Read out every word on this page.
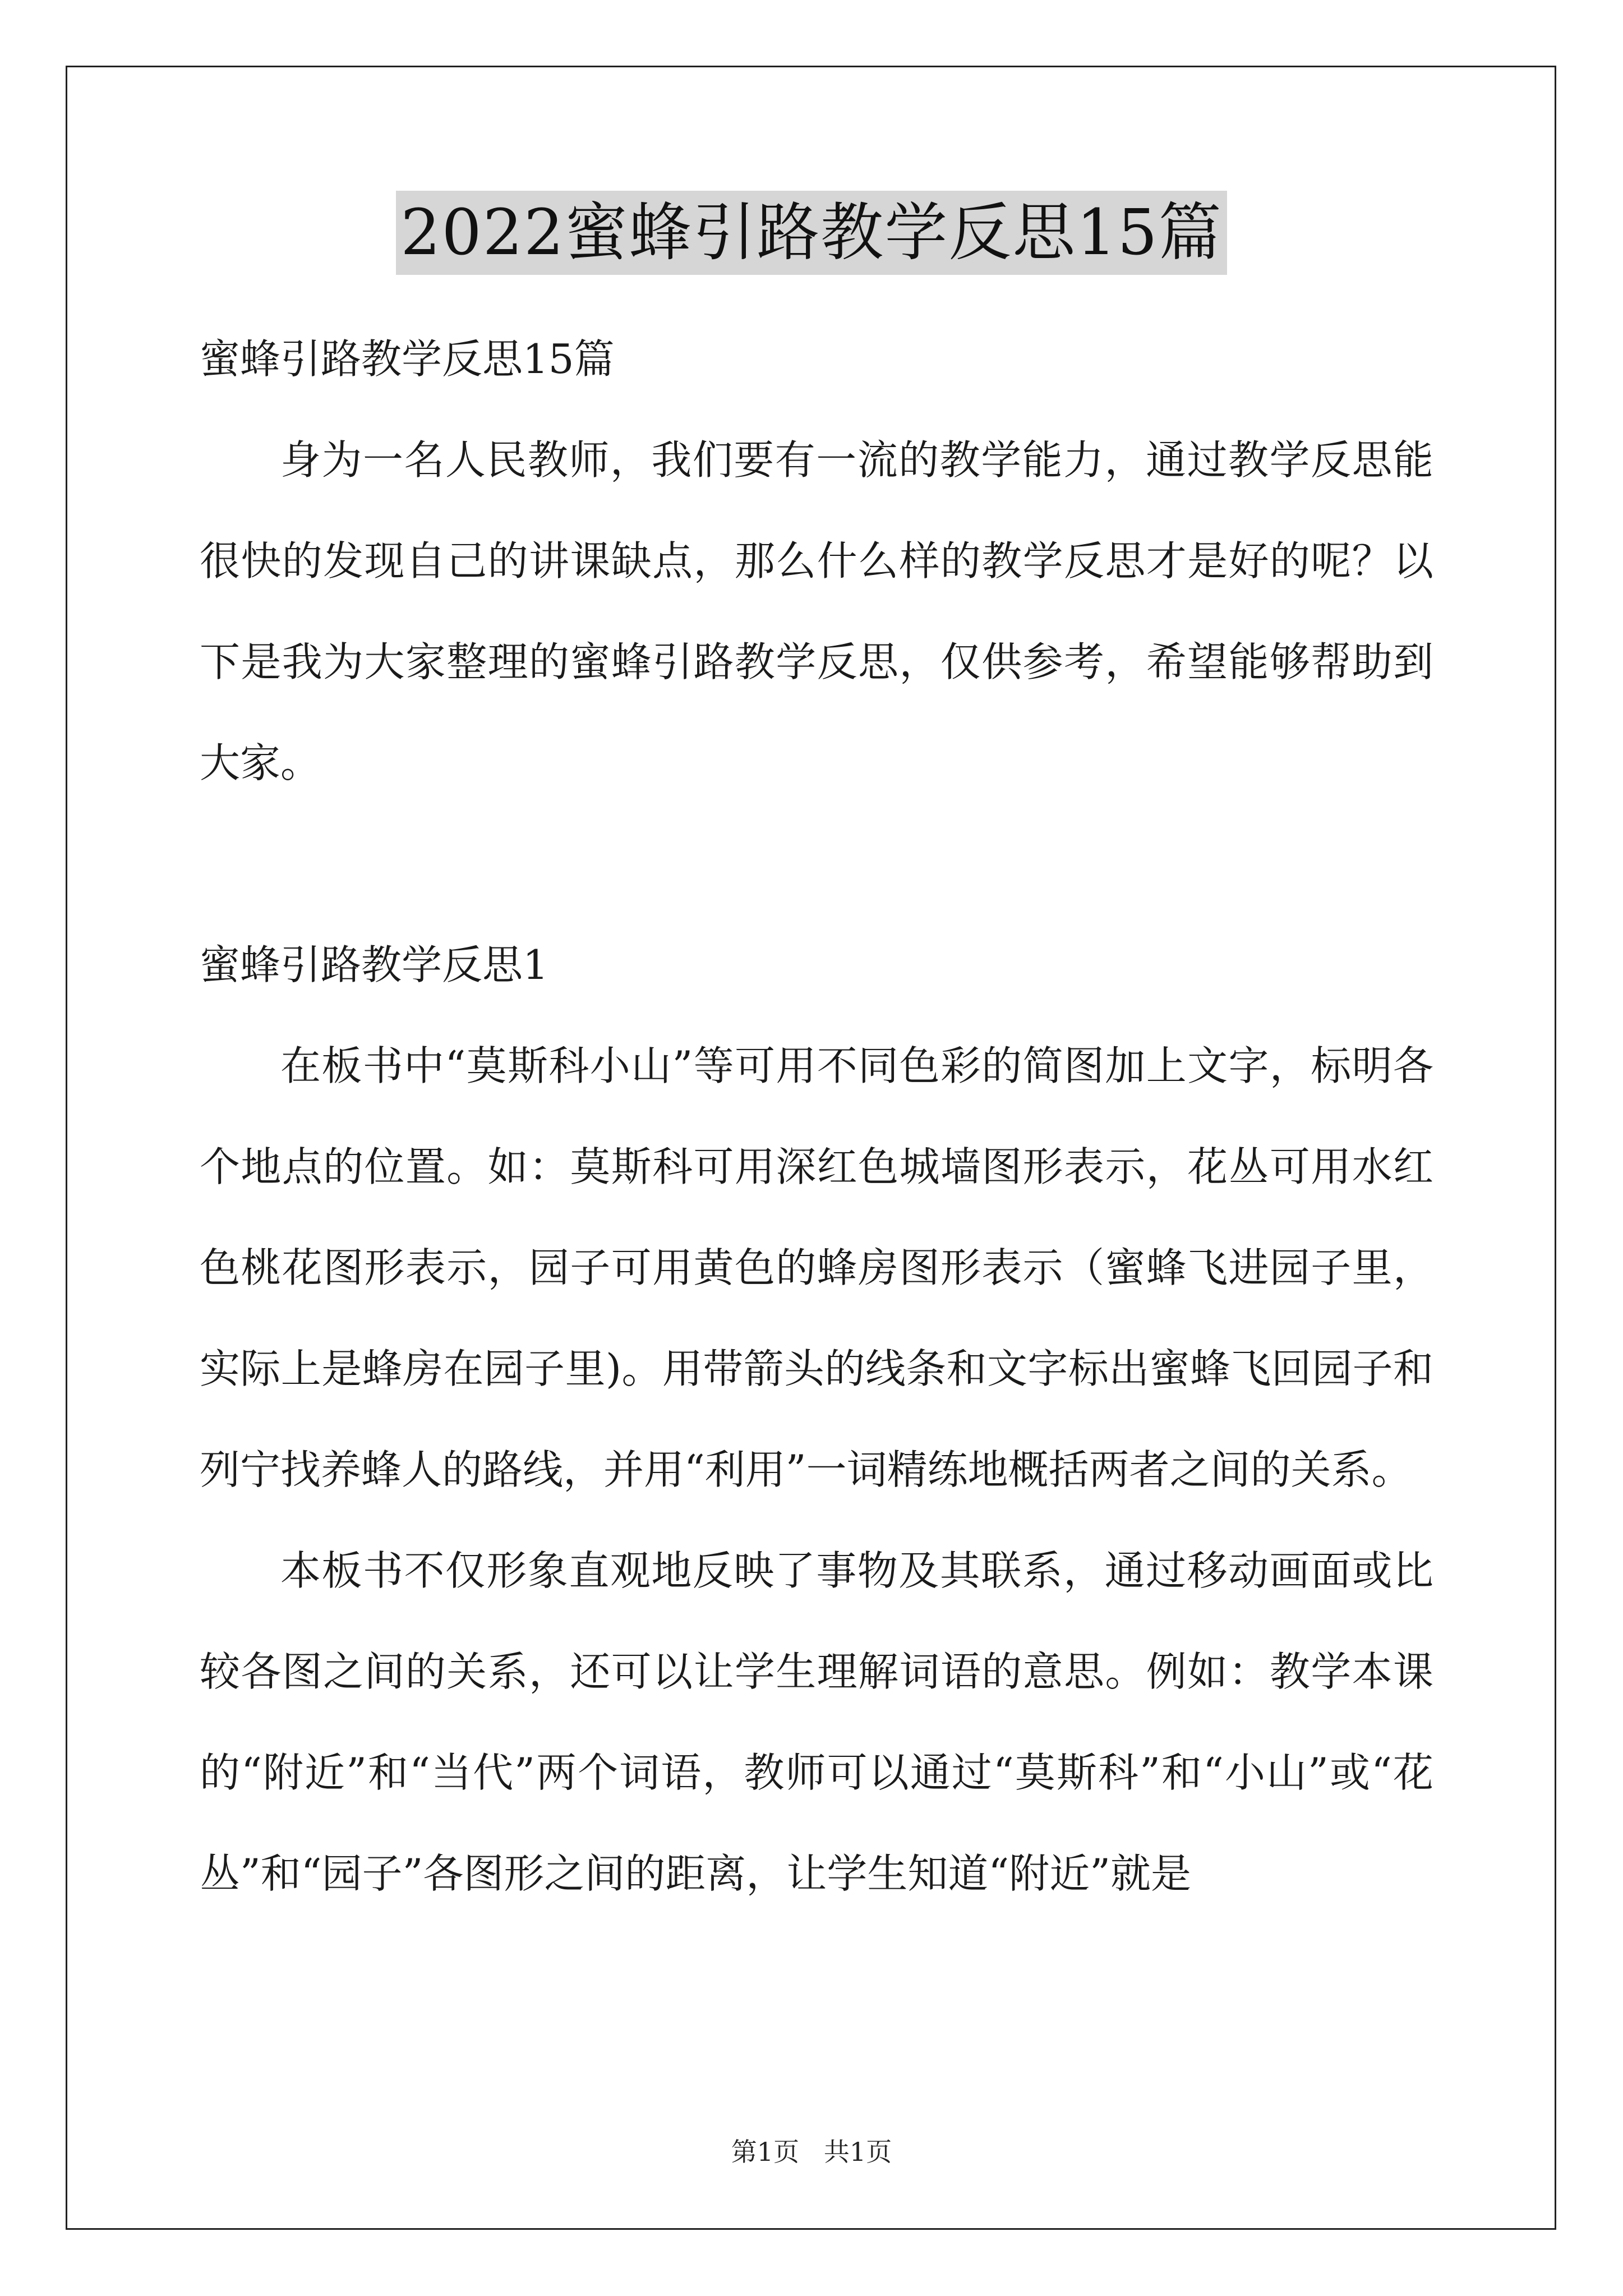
2022蜜蜂引路教学反思15篇

蜜蜂引路教学反思15篇

身为一名人民教师，我们要有一流的教学能力，通过教学反思能很快的发现自己的讲课缺点，那么什么样的教学反思才是好的呢？以下是我为大家整理的蜜蜂引路教学反思，仅供参考，希望能够帮助到大家。

蜜蜂引路教学反思1

在板书中“莫斯科小山”等可用不同色彩的简图加上文字，标明各个地点的位置。如：莫斯科可用深红色城墙图形表示，花丛可用水红色桃花图形表示，园子可用黄色的蜂房图形表示（蜜蜂飞进园子里，实际上是蜂房在园子里)。用带箭头的线条和文字标出蜜蜂飞回园子和列宁找养蜂人的路线，并用“利用”一词精练地概括两者之间的关系。

本板书不仅形象直观地反映了事物及其联系，通过移动画面或比较各图之间的关系，还可以让学生理解词语的意思。例如：教学本课的“附近”和“当代”两个词语，教师可以通过“莫斯科”和“小山”或“花丛”和“园子”各图形之间的距离，让学生知道“附近”就是

第1页   共1页
